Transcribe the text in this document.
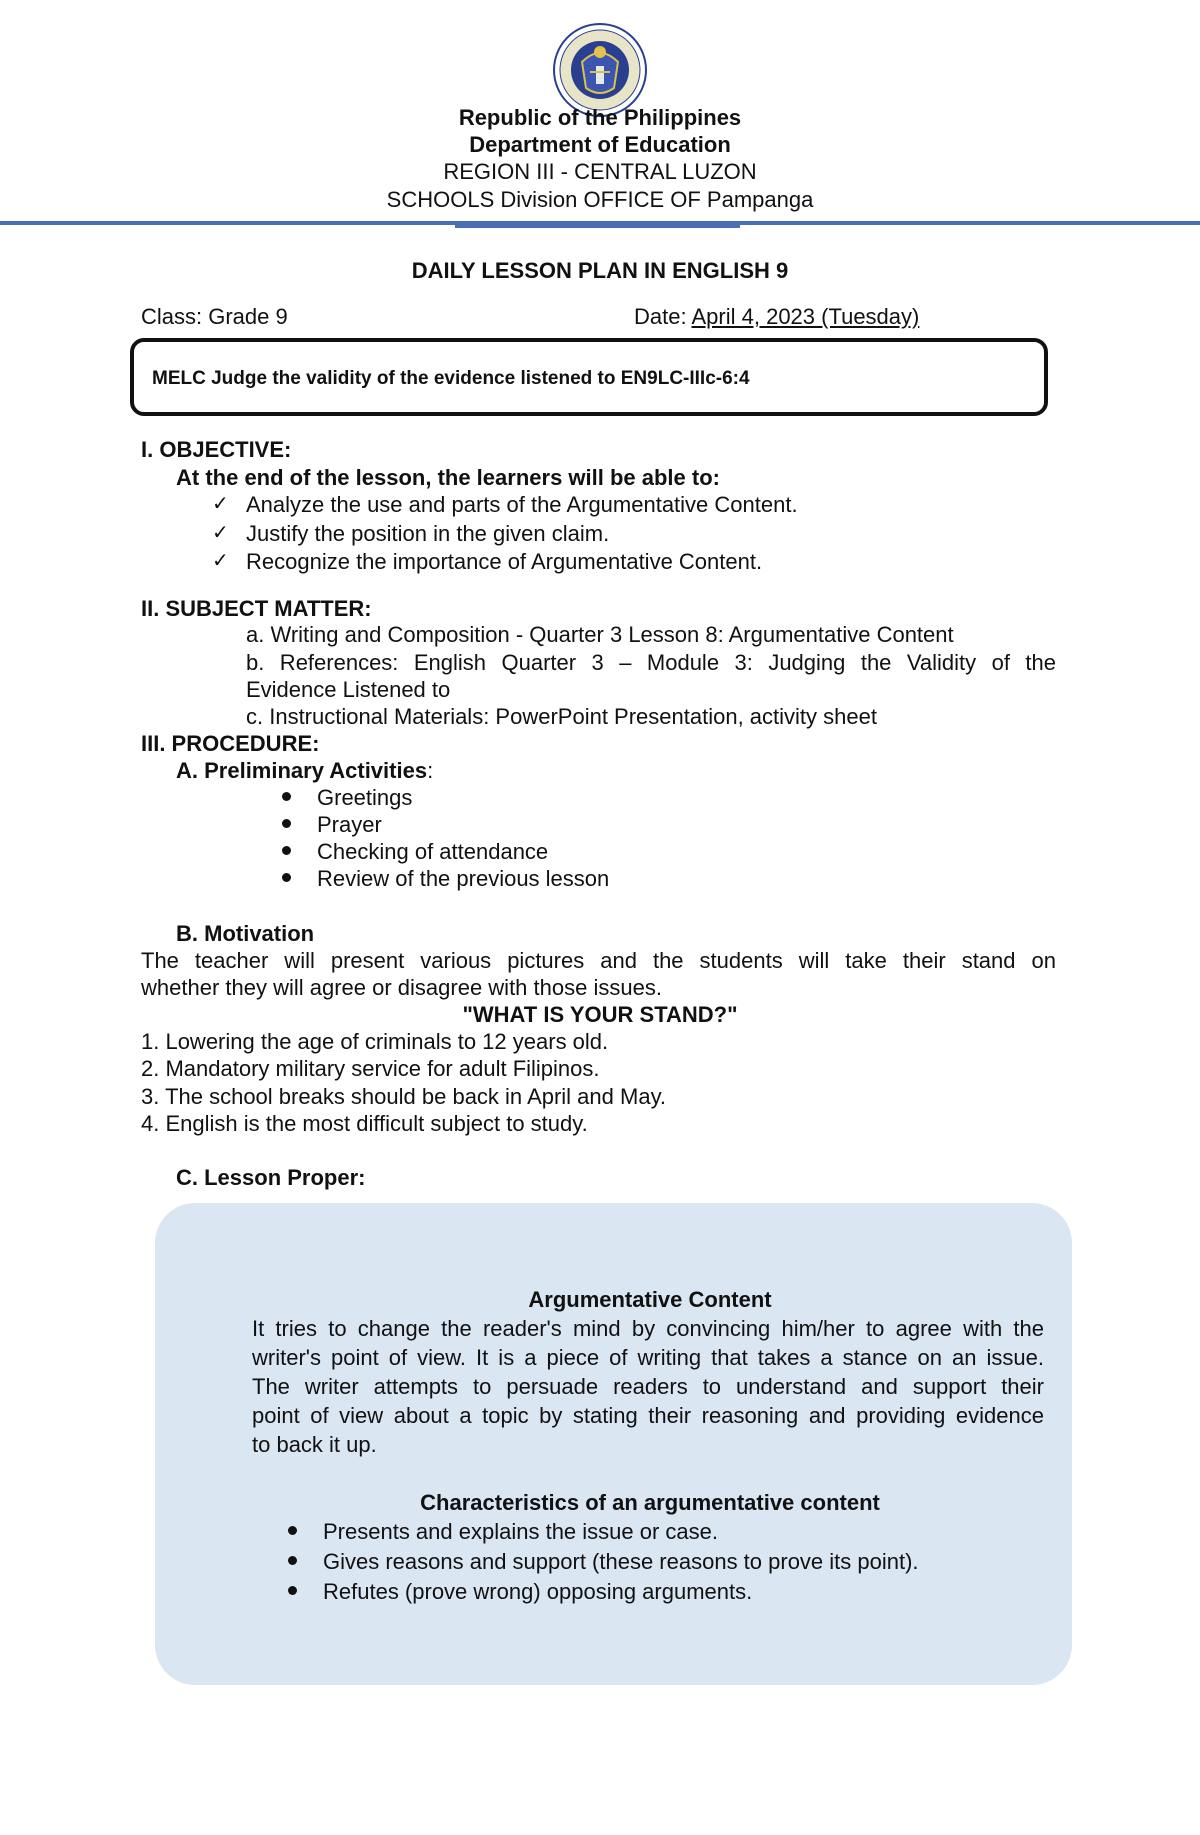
Republic of the Philippines
Department of Education
REGION III - CENTRAL LUZON
SCHOOLS Division OFFICE OF Pampanga
DAILY LESSON PLAN IN ENGLISH 9
Class: Grade 9	Date: April 4, 2023 (Tuesday)
MELC Judge the validity of the evidence listened to EN9LC-IIIc-6:4
I. OBJECTIVE:
At the end of the lesson, the learners will be able to:
✓ Analyze the use and parts of the Argumentative Content.
✓ Justify the position in the given claim.
✓ Recognize the importance of Argumentative Content.
II. SUBJECT MATTER:
a. Writing and Composition - Quarter 3 Lesson 8: Argumentative Content
b. References: English Quarter 3 – Module 3: Judging the Validity of the
Evidence Listened to
c. Instructional Materials: PowerPoint Presentation, activity sheet
III. PROCEDURE:
A. Preliminary Activities:
Greetings
Prayer
Checking of attendance
Review of the previous lesson
B. Motivation
The teacher will present various pictures and the students will take their stand on
whether they will agree or disagree with those issues.
"WHAT IS YOUR STAND?"
1. Lowering the age of criminals to 12 years old.
2. Mandatory military service for adult Filipinos.
3. The school breaks should be back in April and May.
4. English is the most difficult subject to study.
C. Lesson Proper:
Argumentative Content
It tries to change the reader's mind by convincing him/her to agree with the
writer's point of view. It is a piece of writing that takes a stance on an issue.
The writer attempts to persuade readers to understand and support their
point of view about a topic by stating their reasoning and providing evidence
to back it up.
Characteristics of an argumentative content
Presents and explains the issue or case.
Gives reasons and support (these reasons to prove its point).
Refutes (prove wrong) opposing arguments.
